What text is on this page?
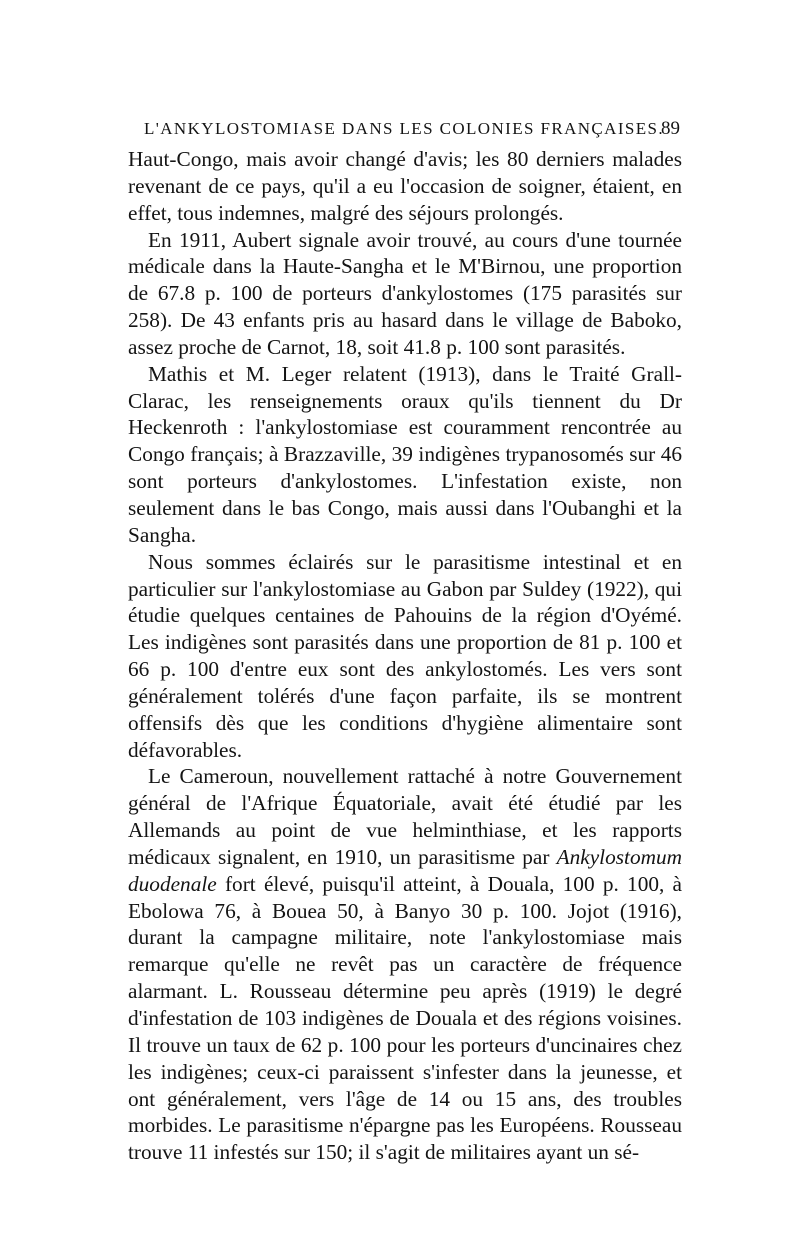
L'ANKYLOSTOMIASE DANS LES COLONIES FRANÇAISES.
89

Haut-Congo, mais avoir changé d'avis; les 80 derniers malades revenant de ce pays, qu'il a eu l'occasion de soigner, étaient, en effet, tous indemnes, malgré des séjours prolongés.

En 1911, Aubert signale avoir trouvé, au cours d'une tournée médicale dans la Haute-Sangha et le M'Birnou, une proportion de 67.8 p. 100 de porteurs d'ankylostomes (175 parasités sur 258). De 43 enfants pris au hasard dans le village de Baboko, assez proche de Carnot, 18, soit 41.8 p. 100 sont parasités.

Mathis et M. Leger relatent (1913), dans le Traité Grall-Clarac, les renseignements oraux qu'ils tiennent du Dr Heckenroth : l'ankylostomiase est couramment rencontrée au Congo français; à Brazzaville, 39 indigènes trypanosomés sur 46 sont porteurs d'ankylostomes. L'infestation existe, non seulement dans le bas Congo, mais aussi dans l'Oubanghi et la Sangha.

Nous sommes éclairés sur le parasitisme intestinal et en particulier sur l'ankylostomiase au Gabon par Suldey (1922), qui étudie quelques centaines de Pahouins de la région d'Oyémé. Les indigènes sont parasités dans une proportion de 81 p. 100 et 66 p. 100 d'entre eux sont des ankylostomés. Les vers sont généralement tolérés d'une façon parfaite, ils se montrent offensifs dès que les conditions d'hygiène alimentaire sont défavorables.

Le Cameroun, nouvellement rattaché à notre Gouvernement général de l'Afrique Équatoriale, avait été étudié par les Allemands au point de vue helminthiase, et les rapports médicaux signalent, en 1910, un parasitisme par Ankylostomum duodenale fort élevé, puisqu'il atteint, à Douala, 100 p. 100, à Ebolowa 76, à Bouea 50, à Banyo 30 p. 100. Jojot (1916), durant la campagne militaire, note l'ankylostomiase mais remarque qu'elle ne revêt pas un caractère de fréquence alarmant. L. Rousseau détermine peu après (1919) le degré d'infestation de 103 indigènes de Douala et des régions voisines. Il trouve un taux de 62 p. 100 pour les porteurs d'uncinaires chez les indigènes; ceux-ci paraissent s'infester dans la jeunesse, et ont généralement, vers l'âge de 14 ou 15 ans, des troubles morbides. Le parasitisme n'épargne pas les Européens. Rousseau trouve 11 infestés sur 150; il s'agit de militaires ayant un sé-
